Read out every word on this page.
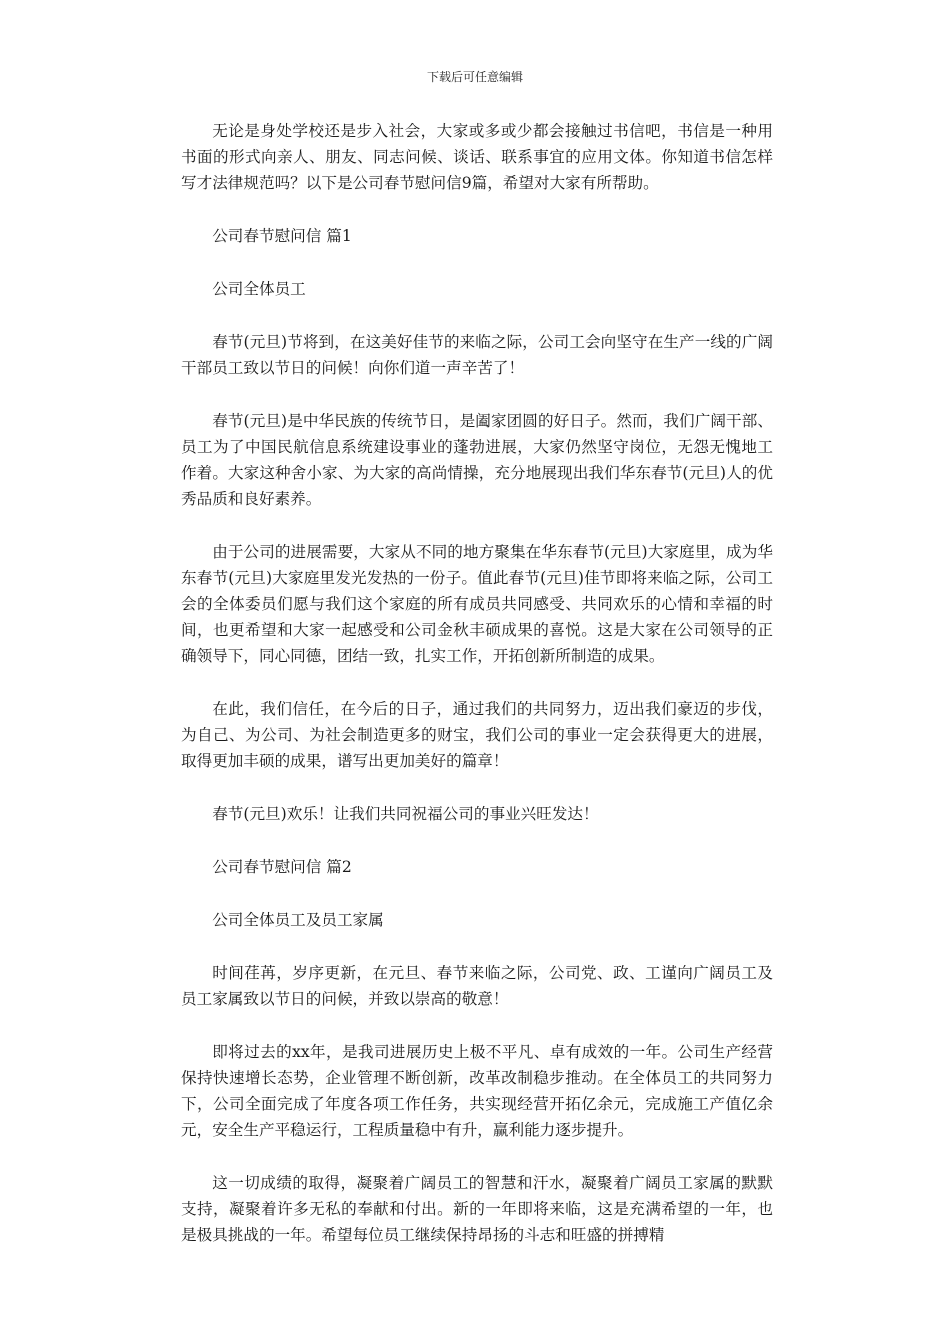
下载后可任意编辑

无论是身处学校还是步入社会，大家或多或少都会接触过书信吧，书信是一种用书面的形式向亲人、朋友、同志问候、谈话、联系事宜的应用文体。你知道书信怎样写才法律规范吗？以下是公司春节慰问信9篇，希望对大家有所帮助。

公司春节慰问信 篇1

公司全体员工

春节(元旦)节将到，在这美好佳节的来临之际，公司工会向坚守在生产一线的广阔干部员工致以节日的问候！向你们道一声辛苦了！

春节(元旦)是中华民族的传统节日，是阖家团圆的好日子。然而，我们广阔干部、员工为了中国民航信息系统建设事业的蓬勃进展，大家仍然坚守岗位，无怨无愧地工作着。大家这种舍小家、为大家的高尚情操，充分地展现出我们华东春节(元旦)人的优秀品质和良好素养。

由于公司的进展需要，大家从不同的地方聚集在华东春节(元旦)大家庭里，成为华东春节(元旦)大家庭里发光发热的一份子。值此春节(元旦)佳节即将来临之际，公司工会的全体委员们愿与我们这个家庭的所有成员共同感受、共同欢乐的心情和幸福的时间，也更希望和大家一起感受和公司金秋丰硕成果的喜悦。这是大家在公司领导的正确领导下，同心同德，团结一致，扎实工作，开拓创新所制造的成果。

在此，我们信任，在今后的日子，通过我们的共同努力，迈出我们豪迈的步伐，为自己、为公司、为社会制造更多的财宝，我们公司的事业一定会获得更大的进展，取得更加丰硕的成果，谱写出更加美好的篇章！

春节(元旦)欢乐！让我们共同祝福公司的事业兴旺发达！

公司春节慰问信 篇2

公司全体员工及员工家属

时间荏苒，岁序更新，在元旦、春节来临之际，公司党、政、工谨向广阔员工及员工家属致以节日的问候，并致以崇高的敬意！

即将过去的xx年，是我司进展历史上极不平凡、卓有成效的一年。公司生产经营保持快速增长态势，企业管理不断创新，改革改制稳步推动。在全体员工的共同努力下，公司全面完成了年度各项工作任务，共实现经营开拓亿余元，完成施工产值亿余元，安全生产平稳运行，工程质量稳中有升，赢利能力逐步提升。

这一切成绩的取得，凝聚着广阔员工的智慧和汗水，凝聚着广阔员工家属的默默支持，凝聚着许多无私的奉献和付出。新的一年即将来临，这是充满希望的一年，也是极具挑战的一年。希望每位员工继续保持昂扬的斗志和旺盛的拼搏精
